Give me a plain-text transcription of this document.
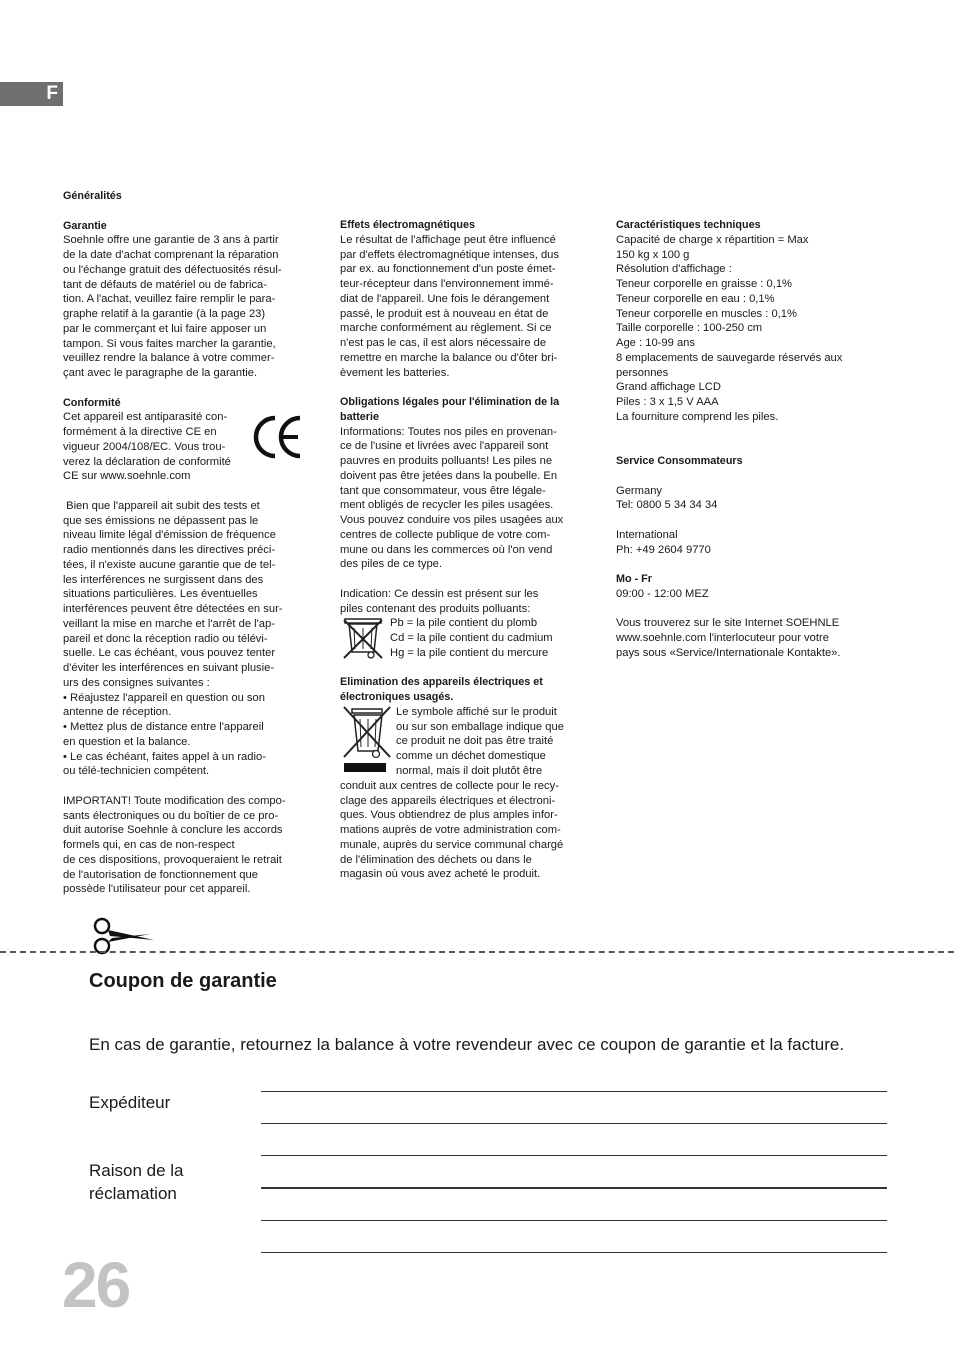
F

Généralités

Garantie

Soehnle offre une garantie de 3 ans à partir

de la date d'achat comprenant la réparation

ou l'échange gratuit des défectuosités résul-

tant de défauts de matériel ou de fabrica-

tion. A l'achat, veuillez faire remplir le para-

graphe relatif à la garantie (à la page 23)

par le commerçant et lui faire apposer un

tampon. Si vous faites marcher la garantie,

veuillez rendre la balance à votre commer-

çant avec le paragraphe de la garantie.

Conformité

Cet appareil est antiparasité con-

formément à la directive CE en

vigueur 2004/108/EC. Vous trou-

verez la déclaration de conformité

CE sur www.soehnle.com

Bien que l'appareil ait subit des tests et

que ses émissions ne dépassent pas le

niveau limite légal d'émission de fréquence

radio mentionnés dans les directives préci-

tées, il n'existe aucune garantie que de tel-

les interférences ne surgissent dans des

situations particulières. Les éventuelles

interférences peuvent être détectées en sur-

veillant la mise en marche et l'arrêt de l'ap-

pareil et donc la réception radio ou télévi-

suelle. Le cas échéant, vous pouvez tenter

d'éviter les interférences en suivant plusie-

urs des consignes suivantes :

• Réajustez l'appareil en question ou son

antenne de réception.

• Mettez plus de distance entre l'appareil

en question et la balance.

• Le cas échéant, faites appel à un radio-

ou télé-technicien compétent.

IMPORTANT! Toute modification des compo-

sants électroniques ou du boîtier de ce pro-

duit autorise Soehnle à conclure les accords

formels qui, en cas de non-respect

de ces dispositions, provoqueraient le retrait

de l'autorisation de fonctionnement que

possède l'utilisateur pour cet appareil.

Effets électromagnétiques

Le résultat de l'affichage peut être influencé

par d'effets électromagnétique intenses, dus

par ex. au fonctionnement d'un poste émet-

teur-récepteur dans l'environnement immé-

diat de l'appareil. Une fois le dérangement

passé, le produit est à nouveau en état de

marche conformément au règlement. Si ce

n'est pas le cas, il est alors nécessaire de

remettre en marche la balance ou d'ôter bri-

èvement les batteries.

Obligations légales pour l'élimination de la

batterie

Informations: Toutes nos piles en provenan-

ce de l'usine et livrées avec l'appareil sont

pauvres en produits polluants! Les piles ne

doivent pas être jetées dans la poubelle. En

tant que consommateur, vous être légale-

ment obligés de recycler les piles usagées.

Vous pouvez conduire vos piles usagées aux

centres de collecte publique de votre com-

mune ou dans les commerces où l'on vend

des piles de ce type.

Indication: Ce dessin est présent sur les

piles contenant des produits polluants:

Pb = la pile contient du plomb

Cd = la pile contient du cadmium

Hg = la pile contient du mercure

Elimination des appareils électriques et

électroniques usagés.

Le symbole affiché sur le produit

ou sur son emballage indique que

ce produit ne doit pas être traité

comme un déchet domestique

normal, mais il doit plutôt être

conduit aux centres de collecte pour le recy-

clage des appareils électriques et électroni-

ques. Vous obtiendrez de plus amples infor-

mations auprès de votre administration com-

munale, auprès du service communal chargé

de l'élimination des déchets ou dans le

magasin où vous avez acheté le produit.

Caractéristiques techniques

Capacité de charge x répartition = Max

150 kg x 100 g

Résolution d'affichage :

Teneur corporelle en graisse : 0,1%

Teneur corporelle en eau : 0,1%

Teneur corporelle en muscles : 0,1%

Taille corporelle : 100-250 cm

Age : 10-99 ans

8 emplacements de sauvegarde réservés aux

personnes

Grand affichage LCD

Piles : 3 x 1,5 V AAA

La fourniture comprend les piles.

Service Consommateurs

Germany

Tel: 0800 5 34 34 34

International

Ph: +49 2604 9770

Mo - Fr

09:00 - 12:00 MEZ

Vous trouverez sur le site Internet SOEHNLE

www.soehnle.com l'interlocuteur pour votre

pays sous «Service/Internationale Kontakte».

Coupon de garantie
En cas de garantie, retournez la balance à votre revendeur avec ce coupon de garantie et la facture.
Expéditeur
Raison de la
réclamation
26
